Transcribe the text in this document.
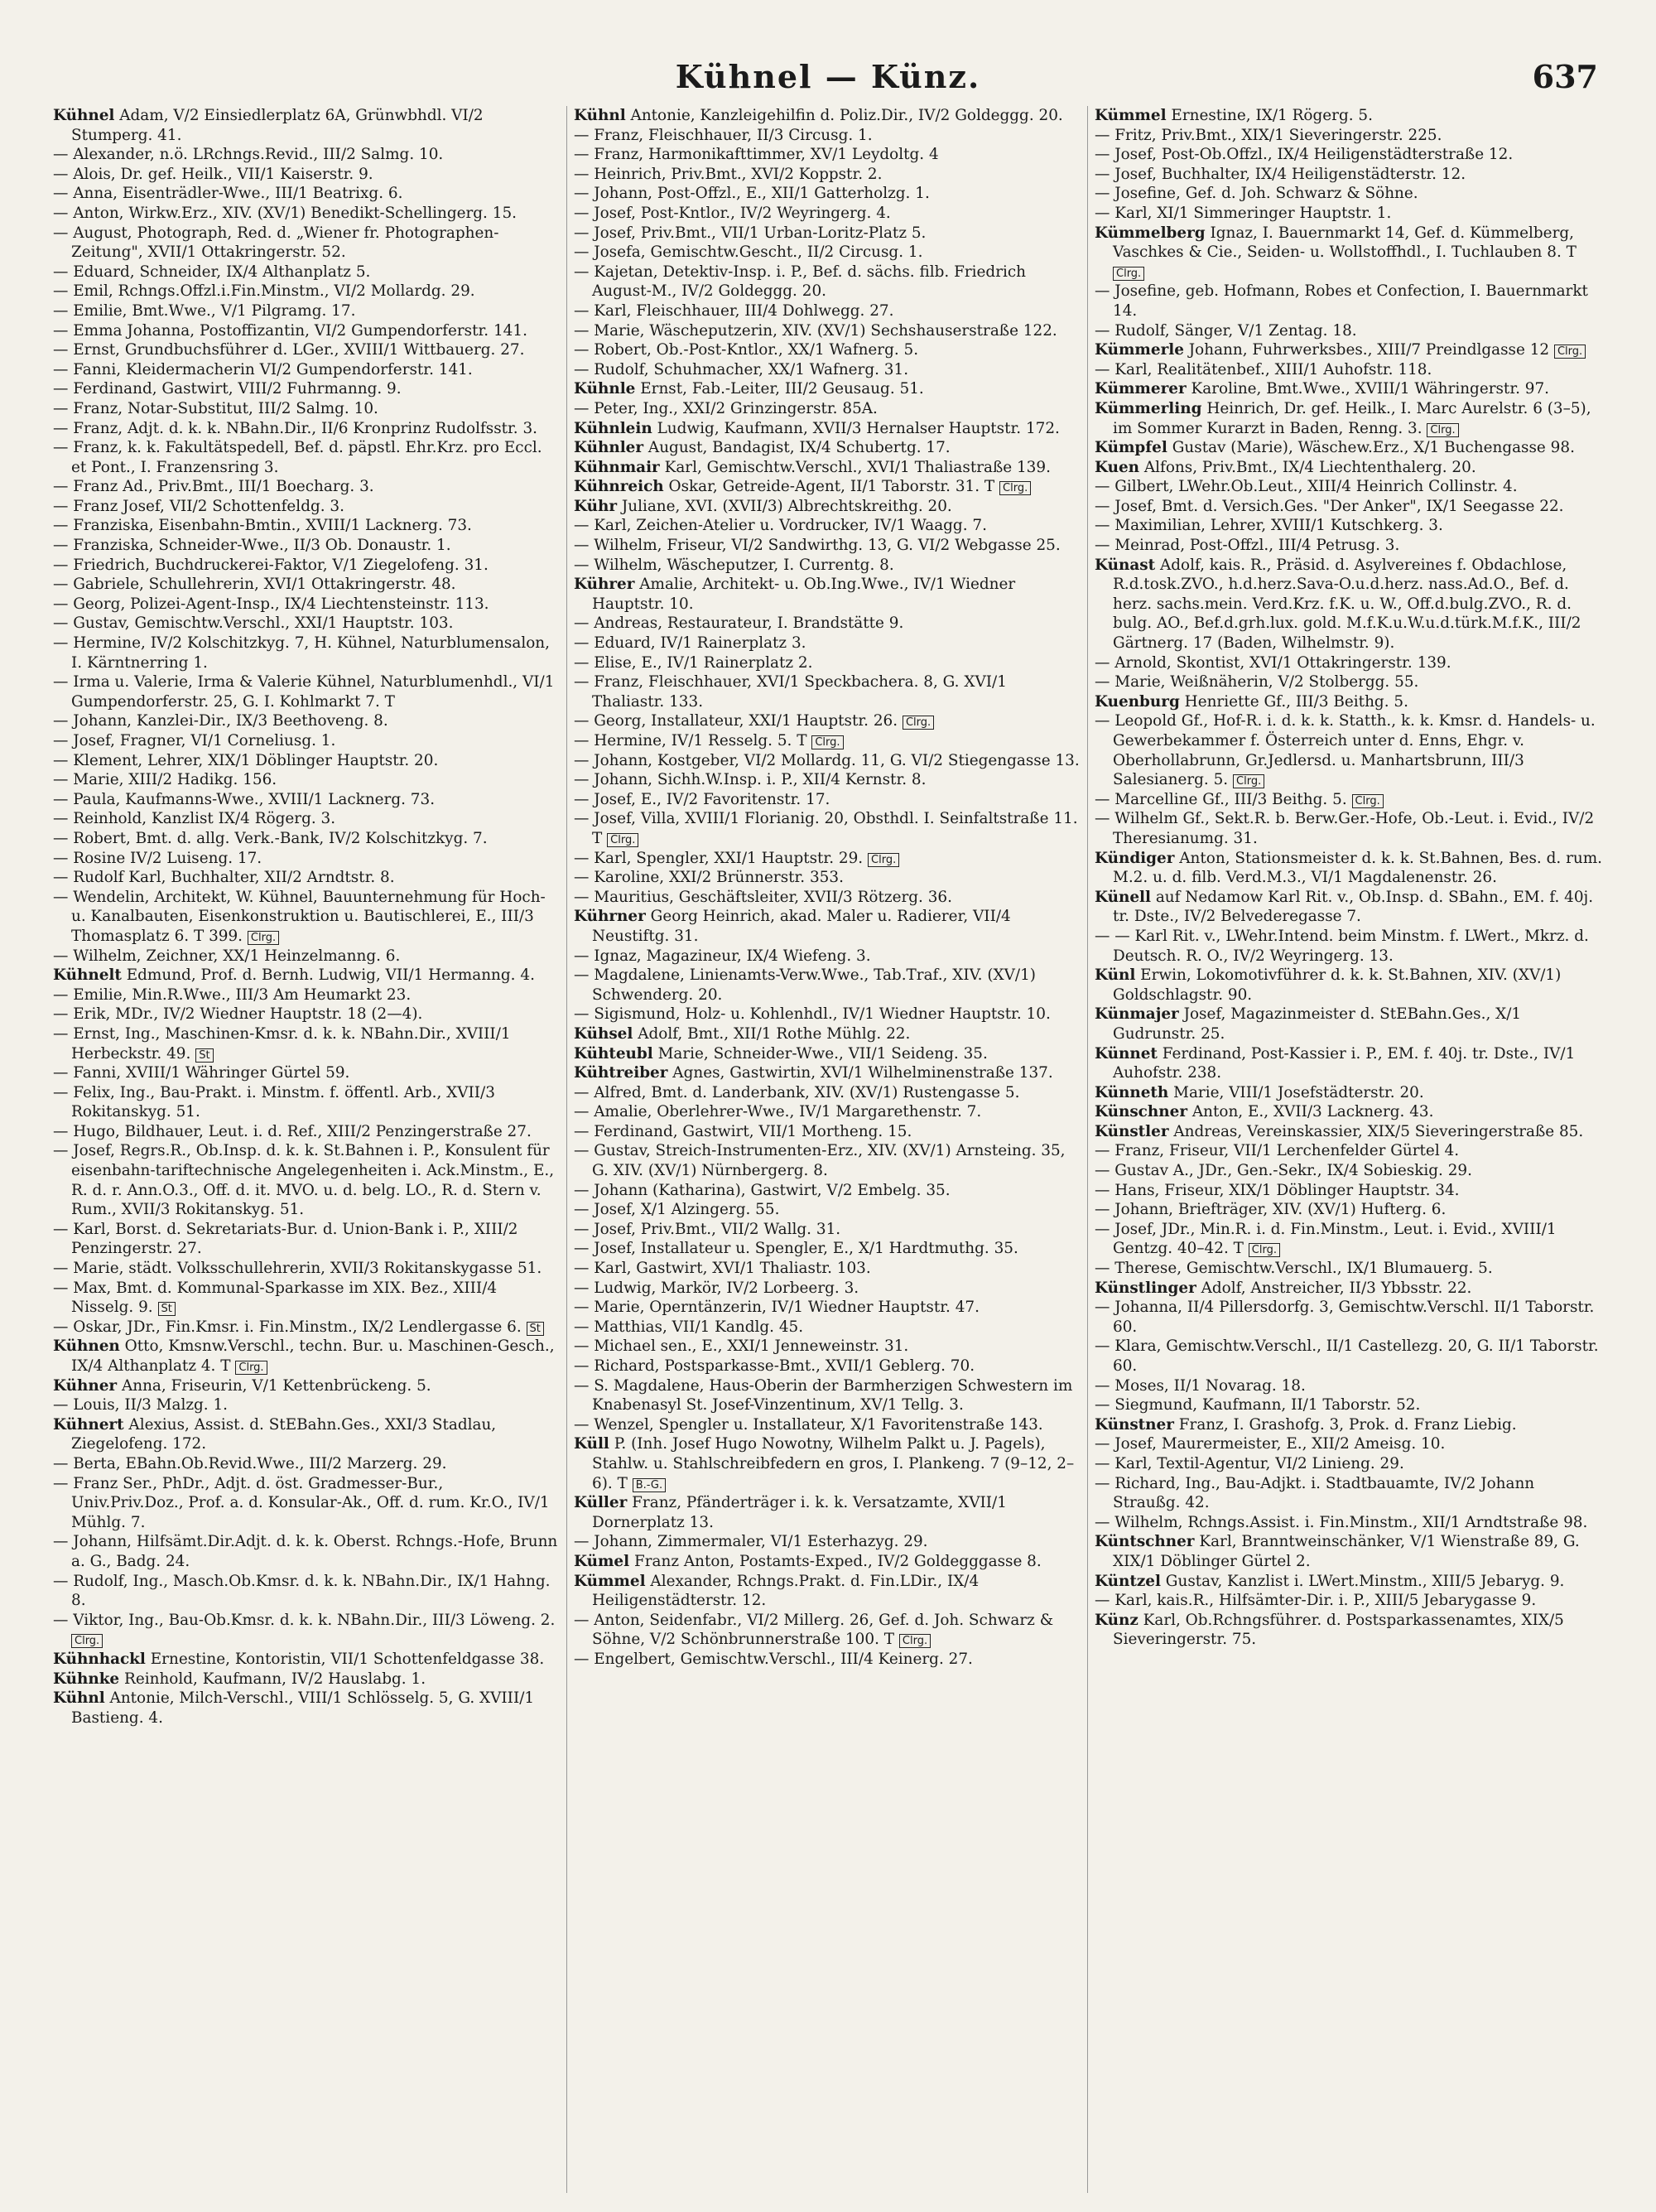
Kühnel — Künz.	637

Kühnel Adam, V/2 Einsiedlerplatz 6A, Grünwbhdl. VI/2 Stumperg. 41.

— Alexander, n.ö. LRchngs.Revid., III/2 Salmg. 10.

— Alois, Dr. gef. Heilk., VII/1 Kaiserstr. 9.

— Anna, Eisenträdler-Wwe., III/1 Beatrixg. 6.

— Anton, Wirkw.Erz., XIV. (XV/1) Benedikt-Schellingerg. 15.

— August, Photograph, Red. d. „Wiener fr. Photographen-Zeitung", XVII/1 Ottakringerstr. 52.

— Eduard, Schneider, IX/4 Althanplatz 5.

— Emil, Rchngs.Offzl.i.Fin.Minstm., VI/2 Mollardg. 29.

— Emilie, Bmt.Wwe., V/1 Pilgramg. 17.

— Emma Johanna, Postoffizantin, VI/2 Gumpendorferstr. 141.

— Ernst, Grundbuchsführer d. LGer., XVIII/1 Wittbauerg. 27.

— Fanni, Kleidermacherin VI/2 Gumpendorferstr. 141.

— Ferdinand, Gastwirt, VIII/2 Fuhrmanng. 9.

— Franz, Notar-Substitut, III/2 Salmg. 10.

— Franz, Adjt. d. k. k. NBahn.Dir., II/6 Kronprinz Rudolfsstr. 3.

— Franz, k. k. Fakultätspedell, Bef. d. päpstl. Ehr.Krz. pro Eccl. et Pont., I. Franzensring 3.

— Franz Ad., Priv.Bmt., III/1 Boecharg. 3.

— Franz Josef, VII/2 Schottenfeldg. 3.

— Franziska, Eisenbahn-Bmtin., XVIII/1 Lacknerg. 73.

— Franziska, Schneider-Wwe., II/3 Ob. Donaustr. 1.

— Friedrich, Buchdruckerei-Faktor, V/1 Ziegelofeng. 31.

— Gabriele, Schullehrerin, XVI/1 Ottakringerstr. 48.

— Georg, Polizei-Agent-Insp., IX/4 Liechtensteinstr. 113.

— Gustav, Gemischtw.Verschl., XXI/1 Hauptstr. 103.

— Hermine, IV/2 Kolschitzkyg. 7, H. Kühnel, Naturblumensalon, I. Kärntnerring 1.

— Irma u. Valerie, Irma & Valerie Kühnel, Naturblumenhdl., VI/1 Gumpendorferstr. 25, G. I. Kohlmarkt 7. T

— Johann, Kanzlei-Dir., IX/3 Beethoveng. 8.

— Josef, Fragner, VI/1 Corneliusg. 1.

— Klement, Lehrer, XIX/1 Döblinger Hauptstr. 20.

— Marie, XIII/2 Hadikg. 156.

— Paula, Kaufmanns-Wwe., XVIII/1 Lacknerg. 73.

— Reinhold, Kanzlist IX/4 Rögerg. 3.

— Robert, Bmt. d. allg. Verk.-Bank, IV/2 Kolschitzkyg. 7.

— Rosine IV/2 Luiseng. 17.

— Rudolf Karl, Buchhalter, XII/2 Arndtstr. 8.

— Wendelin, Architekt, W. Kühnel, Bauunternehmung für Hoch- u. Kanalbauten, Eisenkonstruktion u. Bautischlerei, E., III/3 Thomasplatz 6. T 399. Clrg.

— Wilhelm, Zeichner, XX/1 Heinzelmanng. 6.

Kühnelt Edmund, Prof. d. Bernh. Ludwig, VII/1 Hermanng. 4.

— Emilie, Min.R.Wwe., III/3 Am Heumarkt 23.

— Erik, MDr., IV/2 Wiedner Hauptstr. 18 (2—4).

— Ernst, Ing., Maschinen-Kmsr. d. k. k. NBahn.Dir., XVIII/1 Herbeckstr. 49. St

— Fanni, XVIII/1 Währinger Gürtel 59.

— Felix, Ing., Bau-Prakt. i. Minstm. f. öffentl. Arb., XVII/3 Rokitanskyg. 51.

— Hugo, Bildhauer, Leut. i. d. Ref., XIII/2 Penzingerstraße 27.

— Josef, Regrs.R., Ob.Insp. d. k. k. St.Bahnen i. P., Konsulent für eisenbahn-tariftechnische Angelegenheiten i. Ack.Minstm., E., R. d. r. Ann.O.3., Off. d. it. MVO. u. d. belg. LO., R. d. Stern v. Rum., XVII/3 Rokitanskyg. 51.

— Karl, Borst. d. Sekretariats-Bur. d. Union-Bank i. P., XIII/2 Penzingerstr. 27.

— Marie, städt. Volksschullehrerin, XVII/3 Rokitanskygasse 51.

— Max, Bmt. d. Kommunal-Sparkasse im XIX. Bez., XIII/4 Nisselg. 9. St

— Oskar, JDr., Fin.Kmsr. i. Fin.Minstm., IX/2 Lendlergasse 6. St

Kühnen Otto, Kmsnw.Verschl., techn. Bur. u. Maschinen-Gesch., IX/4 Althanplatz 4. T Clrg.

Kühner Anna, Friseurin, V/1 Kettenbrückeng. 5.

— Louis, II/3 Malzg. 1.

Kühnert Alexius, Assist. d. StEBahn.Ges., XXI/3 Stadlau, Ziegelofeng. 172.

— Berta, EBahn.Ob.Revid.Wwe., III/2 Marzerg. 29.

— Franz Ser., PhDr., Adjt. d. öst. Gradmesser-Bur., Univ.Priv.Doz., Prof. a. d. Konsular-Ak., Off. d. rum. Kr.O., IV/1 Mühlg. 7.

— Johann, Hilfsämt.Dir.Adjt. d. k. k. Oberst. Rchngs.-Hofe, Brunn a. G., Badg. 24.

— Rudolf, Ing., Masch.Ob.Kmsr. d. k. k. NBahn.Dir., IX/1 Hahng. 8.

— Viktor, Ing., Bau-Ob.Kmsr. d. k. k. NBahn.Dir., III/3 Löweng. 2. Clrg.

Kühnhackl Ernestine, Kontoristin, VII/1 Schottenfeldgasse 38.

Kühnke Reinhold, Kaufmann, IV/2 Hauslabg. 1.

Kühnl Antonie, Milch-Verschl., VIII/1 Schlösselg. 5, G. XVIII/1 Bastieng. 4.

Kühnl Antonie, Kanzleigehilfin d. Poliz.Dir., IV/2 Goldeggg. 20.

— Franz, Fleischhauer, II/3 Circusg. 1.

— Franz, Harmonikafttimmer, XV/1 Leydoltg. 4

— Heinrich, Priv.Bmt., XVI/2 Koppstr. 2.

— Johann, Post-Offzl., E., XII/1 Gatterholzg. 1.

— Josef, Post-Kntlor., IV/2 Weyringerg. 4.

— Josef, Priv.Bmt., VII/1 Urban-Loritz-Platz 5.

— Josefa, Gemischtw.Gescht., II/2 Circusg. 1.

— Kajetan, Detektiv-Insp. i. P., Bef. d. sächs. filb. Friedrich August-M., IV/2 Goldeggg. 20.

— Karl, Fleischhauer, III/4 Dohlwegg. 27.

— Marie, Wäscheputzerin, XIV. (XV/1) Sechshauserstraße 122.

— Robert, Ob.-Post-Kntlor., XX/1 Wafnerg. 5.

— Rudolf, Schuhmacher, XX/1 Wafnerg. 31.

Kühnle Ernst, Fab.-Leiter, III/2 Geusaug. 51.

— Peter, Ing., XXI/2 Grinzingerstr. 85A.

Kühnlein Ludwig, Kaufmann, XVII/3 Hernalser Hauptstr. 172.

Kühnler August, Bandagist, IX/4 Schubertg. 17.

Kühnmair Karl, Gemischtw.Verschl., XVI/1 Thaliastraße 139.

Kühnreich Oskar, Getreide-Agent, II/1 Taborstr. 31. T Clrg.

Kühr Juliane, XVI. (XVII/3) Albrechtskreithg. 20.

— Karl, Zeichen-Atelier u. Vordrucker, IV/1 Waagg. 7.

— Wilhelm, Friseur, VI/2 Sandwirthg. 13, G. VI/2 Webgasse 25.

— Wilhelm, Wäscheputzer, I. Currentg. 8.

Kührer Amalie, Architekt- u. Ob.Ing.Wwe., IV/1 Wiedner Hauptstr. 10.

— Andreas, Restaurateur, I. Brandstätte 9.

— Eduard, IV/1 Rainerplatz 3.

— Elise, E., IV/1 Rainerplatz 2.

— Franz, Fleischhauer, XVI/1 Speckbachera. 8, G. XVI/1 Thaliastr. 133.

— Georg, Installateur, XXI/1 Hauptstr. 26. Clrg.

— Hermine, IV/1 Resselg. 5. T Clrg.

— Johann, Kostgeber, VI/2 Mollardg. 11, G. VI/2 Stiegengasse 13.

— Johann, Sichh.W.Insp. i. P., XII/4 Kernstr. 8.

— Josef, E., IV/2 Favoritenstr. 17.

— Josef, Villa, XVIII/1 Florianig. 20, Obsthdl. I. Seinfaltstraße 11. T Clrg.

— Karl, Spengler, XXI/1 Hauptstr. 29. Clrg.

— Karoline, XXI/2 Brünnerstr. 353.

— Mauritius, Geschäftsleiter, XVII/3 Rötzerg. 36.

Kührner Georg Heinrich, akad. Maler u. Radierer, VII/4 Neustiftg. 31.

— Ignaz, Magazineur, IX/4 Wiefeng. 3.

— Magdalene, Linienamts-Verw.Wwe., Tab.Traf., XIV. (XV/1) Schwenderg. 20.

— Sigismund, Holz- u. Kohlenhdl., IV/1 Wiedner Hauptstr. 10.

Kühsel Adolf, Bmt., XII/1 Rothe Mühlg. 22.

Kühteubl Marie, Schneider-Wwe., VII/1 Seideng. 35.

Kühtreiber Agnes, Gastwirtin, XVI/1 Wilhelminenstraße 137.

— Alfred, Bmt. d. Landerbank, XIV. (XV/1) Rustengasse 5.

— Amalie, Oberlehrer-Wwe., IV/1 Margarethenstr. 7.

— Ferdinand, Gastwirt, VII/1 Mortheng. 15.

— Gustav, Streich-Instrumenten-Erz., XIV. (XV/1) Arnsteing. 35, G. XIV. (XV/1) Nürnbergerg. 8.

— Johann (Katharina), Gastwirt, V/2 Embelg. 35.

— Josef, X/1 Alzingerg. 55.

— Josef, Priv.Bmt., VII/2 Wallg. 31.

— Josef, Installateur u. Spengler, E., X/1 Hardtmuthg. 35.

— Karl, Gastwirt, XVI/1 Thaliastr. 103.

— Ludwig, Markör, IV/2 Lorbeerg. 3.

— Marie, Operntänzerin, IV/1 Wiedner Hauptstr. 47.

— Matthias, VII/1 Kandlg. 45.

— Michael sen., E., XXI/1 Jenneweinstr. 31.

— Richard, Postsparkasse-Bmt., XVII/1 Geblerg. 70.

— S. Magdalene, Haus-Oberin der Barmherzigen Schwestern im Knabenasyl St. Josef-Vinzentinum, XV/1 Tellg. 3.

— Wenzel, Spengler u. Installateur, X/1 Favoritenstraße 143.

Küll P. (Inh. Josef Hugo Nowotny, Wilhelm Palkt u. J. Pagels), Stahlw. u. Stahlschreibfedern en gros, I. Plankeng. 7 (9–12, 2–6). T B.-G.

Küller Franz, Pfänderträger i. k. k. Versatzamte, XVII/1 Dornerplatz 13.

— Johann, Zimmermaler, VI/1 Esterhazyg. 29.

Kümel Franz Anton, Postamts-Exped., IV/2 Goldegggasse 8.

Kümmel Alexander, Rchngs.Prakt. d. Fin.LDir., IX/4 Heiligenstädterstr. 12.

— Anton, Seidenfabr., VI/2 Millerg. 26, Gef. d. Joh. Schwarz & Söhne, V/2 Schönbrunnerstraße 100. T Clrg.

— Engelbert, Gemischtw.Verschl., III/4 Keinerg. 27.

Kümmel Ernestine, IX/1 Rögerg. 5.

— Fritz, Priv.Bmt., XIX/1 Sieveringerstr. 225.

— Josef, Post-Ob.Offzl., IX/4 Heiligenstädterstraße 12.

— Josef, Buchhalter, IX/4 Heiligenstädterstr. 12.

— Josefine, Gef. d. Joh. Schwarz & Söhne.

— Karl, XI/1 Simmeringer Hauptstr. 1.

Kümmelberg Ignaz, I. Bauernmarkt 14, Gef. d. Kümmelberg, Vaschkes & Cie., Seiden- u. Wollstoffhdl., I. Tuchlauben 8. T Clrg.

— Josefine, geb. Hofmann, Robes et Confection, I. Bauernmarkt 14.

— Rudolf, Sänger, V/1 Zentag. 18.

Kümmerle Johann, Fuhrwerksbes., XIII/7 Preindlgasse 12 Clrg.

— Karl, Realitätenbef., XIII/1 Auhofstr. 118.

Kümmerer Karoline, Bmt.Wwe., XVIII/1 Währingerstr. 97.

Kümmerling Heinrich, Dr. gef. Heilk., I. Marc Aurelstr. 6 (3–5), im Sommer Kurarzt in Baden, Renng. 3. Clrg.

Kümpfel Gustav (Marie), Wäschew.Erz., X/1 Buchengasse 98.

Kuen Alfons, Priv.Bmt., IX/4 Liechtenthalerg. 20.

— Gilbert, LWehr.Ob.Leut., XIII/4 Heinrich Collinstr. 4.

— Josef, Bmt. d. Versich.Ges. "Der Anker", IX/1 Seegasse 22.

— Maximilian, Lehrer, XVIII/1 Kutschkerg. 3.

— Meinrad, Post-Offzl., III/4 Petrusg. 3.

Künast Adolf, kais. R., Präsid. d. Asylvereines f. Obdachlose, R.d.tosk.ZVO., h.d.herz.Sava-O.u.d.herz. nass.Ad.O., Bef. d. herz. sachs.mein. Verd.Krz. f.K. u. W., Off.d.bulg.ZVO., R. d. bulg. AO., Bef.d.grh.lux. gold. M.f.K.u.W.u.d.türk.M.f.K., III/2 Gärtnerg. 17 (Baden, Wilhelmstr. 9).

— Arnold, Skontist, XVI/1 Ottakringerstr. 139.

— Marie, Weißnäherin, V/2 Stolbergg. 55.

Kuenburg Henriette Gf., III/3 Beithg. 5.

— Leopold Gf., Hof-R. i. d. k. k. Statth., k. k. Kmsr. d. Handels- u. Gewerbekammer f. Österreich unter d. Enns, Ehgr. v. Oberhollabrunn, Gr.Jedlersd. u. Manhartsbrunn, III/3 Salesianerg. 5. Clrg.

— Marcelline Gf., III/3 Beithg. 5. Clrg.

— Wilhelm Gf., Sekt.R. b. Berw.Ger.-Hofe, Ob.-Leut. i. Evid., IV/2 Theresianumg. 31.

Kündiger Anton, Stationsmeister d. k. k. St.Bahnen, Bes. d. rum. M.2. u. d. filb. Verd.M.3., VI/1 Magdalenenstr. 26.

Künell auf Nedamow Karl Rit. v., Ob.Insp. d. SBahn., EM. f. 40j. tr. Dste., IV/2 Belvederegasse 7.

— — Karl Rit. v., LWehr.Intend. beim Minstm. f. LWert., Mkrz. d. Deutsch. R. O., IV/2 Weyringerg. 13.

Künl Erwin, Lokomotivführer d. k. k. St.Bahnen, XIV. (XV/1) Goldschlagstr. 90.

Künmajer Josef, Magazinmeister d. StEBahn.Ges., X/1 Gudrunstr. 25.

Künnet Ferdinand, Post-Kassier i. P., EM. f. 40j. tr. Dste., IV/1 Auhofstr. 238.

Künneth Marie, VIII/1 Josefstädterstr. 20.

Künschner Anton, E., XVII/3 Lacknerg. 43.

Künstler Andreas, Vereinskassier, XIX/5 Sieveringerstraße 85.

— Franz, Friseur, VII/1 Lerchenfelder Gürtel 4.

— Gustav A., JDr., Gen.-Sekr., IX/4 Sobieskig. 29.

— Hans, Friseur, XIX/1 Döblinger Hauptstr. 34.

— Johann, Briefträger, XIV. (XV/1) Hufterg. 6.

— Josef, JDr., Min.R. i. d. Fin.Minstm., Leut. i. Evid., XVIII/1 Gentzg. 40–42. T Clrg.

— Therese, Gemischtw.Verschl., IX/1 Blumauerg. 5.

Künstlinger Adolf, Anstreicher, II/3 Ybbsstr. 22.

— Johanna, II/4 Pillersdorfg. 3, Gemischtw.Verschl. II/1 Taborstr. 60.

— Klara, Gemischtw.Verschl., II/1 Castellezg. 20, G. II/1 Taborstr. 60.

— Moses, II/1 Novarag. 18.

— Siegmund, Kaufmann, II/1 Taborstr. 52.

Künstner Franz, I. Grashofg. 3, Prok. d. Franz Liebig.

— Josef, Maurermeister, E., XII/2 Ameisg. 10.

— Karl, Textil-Agentur, VI/2 Linieng. 29.

— Richard, Ing., Bau-Adjkt. i. Stadtbauamte, IV/2 Johann Straußg. 42.

— Wilhelm, Rchngs.Assist. i. Fin.Minstm., XII/1 Arndtstraße 98.

Küntschner Karl, Branntweinschänker, V/1 Wienstraße 89, G. XIX/1 Döblinger Gürtel 2.

Küntzel Gustav, Kanzlist i. LWert.Minstm., XIII/5 Jebaryg. 9.

— Karl, kais.R., Hilfsämter-Dir. i. P., XIII/5 Jebarygasse 9.

Künz Karl, Ob.Rchngsführer. d. Postsparkassenamtes, XIX/5 Sieveringerstr. 75.
